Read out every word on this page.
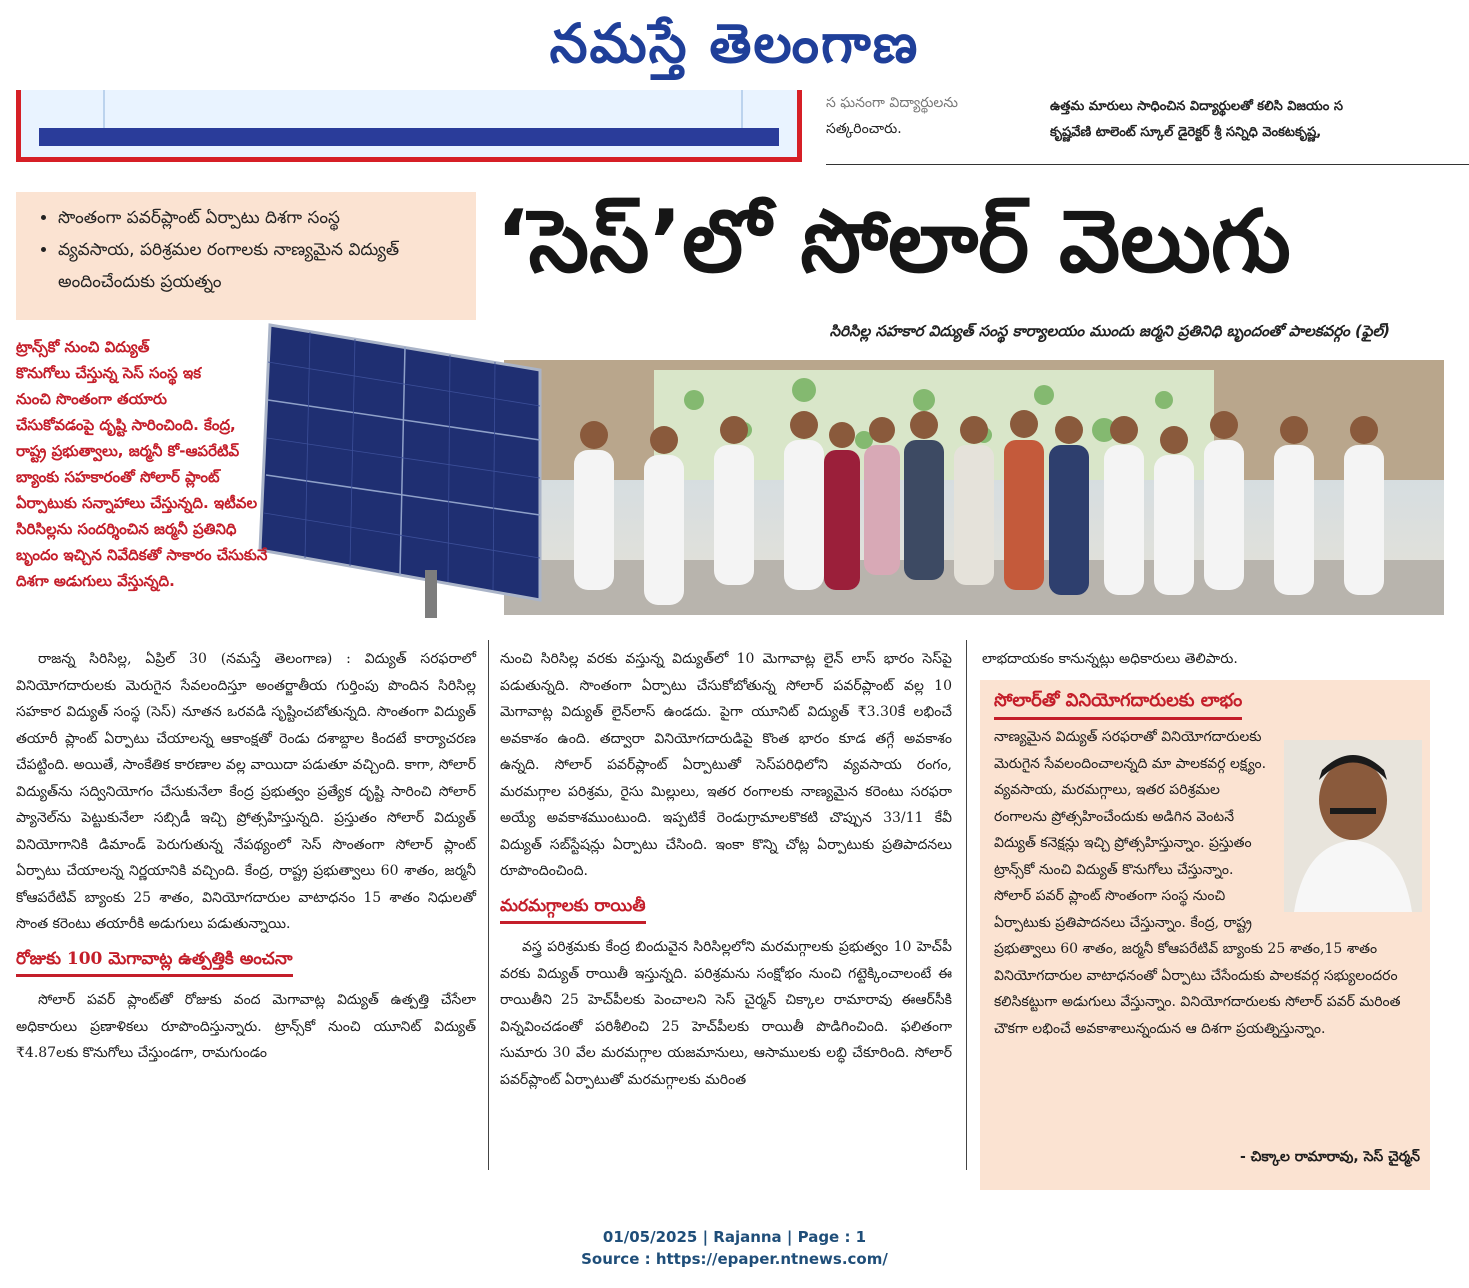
నమస్తే తెలంగాణ
స ఘనంగా విద్యార్థులను
సత్కరించారు.
ఉత్తమ మారులు సాధించిన విద్యార్థులతో కలిసి విజయం స
కృష్ణవేణి టాలెంట్ స్కూల్ డైరెక్టర్ శ్రీ సన్నిధి వెంకటకృష్ణ,
• సొంతంగా పవర్‌ప్లాంట్ ఏర్పాటు దిశగా సంస్థ
• వ్యవసాయ, పరిశ్రమల రంగాలకు నాణ్యమైన విద్యుత్ అందించేందుకు ప్రయత్నం	‘సెస్’లో సోలార్ వెలుగు
సిరిసిల్ల సహకార విద్యుత్ సంస్థ కార్యాలయం ముందు జర్మని ప్రతినిధి బృందంతో పాలకవర్గం (ఫైల్)

ట్రాన్స్‌కో నుంచి విద్యుత్

కొనుగోలు చేస్తున్న సెస్ సంస్థ ఇక

నుంచి సొంతంగా తయారు

చేసుకోవడంపై దృష్టి సారించింది. కేంద్ర,

రాష్ట్ర ప్రభుత్వాలు, జర్మనీ కో-ఆపరేటివ్

బ్యాంకు సహకారంతో సోలార్ ప్లాంట్

ఏర్పాటుకు సన్నాహాలు చేస్తున్నది. ఇటీవల

సిరిసిల్లను సందర్శించిన జర్మనీ ప్రతినిధి

బృందం ఇచ్చిన నివేదికతో సాకారం చేసుకునే

దిశగా అడుగులు వేస్తున్నది.

రాజన్న సిరిసిల్ల, ఏప్రిల్ 30 (నమస్తే తెలంగాణ) : విద్యుత్ సరఫరాలో వినియోగదారులకు మెరుగైన సేవలందిస్తూ అంతర్జాతీయ గుర్తింపు పొందిన సిరిసిల్ల సహకార విద్యుత్ సంస్థ (సెస్) నూతన ఒరవడి సృష్టించబోతున్నది. సొంతంగా విద్యుత్ తయారీ ప్లాంట్ ఏర్పాటు చేయాలన్న ఆకాంక్షతో రెండు దశాబ్దాల కిందటే కార్యాచరణ చేపట్టింది. అయితే, సాంకేతిక కారణాల వల్ల వాయిదా పడుతూ వచ్చింది. కాగా, సోలార్ విద్యుత్‌ను సద్వినియోగం చేసుకునేలా కేంద్ర ప్రభుత్వం ప్రత్యేక దృష్టి సారించి సోలార్ ప్యానెల్‌ను పెట్టుకునేలా సబ్సిడీ ఇచ్చి ప్రోత్సహిస్తున్నది. ప్రస్తుతం సోలార్ విద్యుత్ వినియోగానికి డిమాండ్ పెరుగుతున్న నేపథ్యంలో సెస్ సొంతంగా సోలార్ ప్లాంట్ ఏర్పాటు చేయాలన్న నిర్ణయానికి వచ్చింది. కేంద్ర, రాష్ట్ర ప్రభుత్వాలు 60 శాతం, జర్మనీ కోఆపరేటివ్ బ్యాంకు 25 శాతం, వినియోగదారుల వాటాధనం 15 శాతం నిధులతో సొంత కరెంటు తయారీకి అడుగులు పడుతున్నాయి.

రోజుకు 100 మెగావాట్ల ఉత్పత్తికి అంచనా

సోలార్ పవర్ ప్లాంట్‌తో రోజుకు వంద మెగావాట్ల విద్యుత్ ఉత్పత్తి చేసేలా అధికారులు ప్రణాళికలు రూపొందిస్తున్నారు. ట్రాన్స్‌కో నుంచి యూనిట్ విద్యుత్ ₹4.87లకు కొనుగోలు చేస్తుండగా, రామగుండం

నుంచి సిరిసిల్ల వరకు వస్తున్న విద్యుత్‌లో 10 మెగావాట్ల లైన్ లాస్ భారం సెస్‌పై పడుతున్నది. సొంతంగా ఏర్పాటు చేసుకోబోతున్న సోలార్ పవర్‌ప్లాంట్ వల్ల 10 మెగావాట్ల విద్యుత్ లైన్‌లాస్ ఉండదు. పైగా యూనిట్ విద్యుత్ ₹3.30కే లభించే అవకాశం ఉంది. తద్వారా వినియోగదారుడిపై కొంత భారం కూడ తగ్గే అవకాశం ఉన్నది. సోలార్ పవర్‌ప్లాంట్ ఏర్పాటుతో సెస్‌పరిధిలోని వ్యవసాయ రంగం, మరమగ్గాల పరిశ్రమ, రైసు మిల్లులు, ఇతర రంగాలకు నాణ్యమైన కరెంటు సరఫరా అయ్యే అవకాశముంటుంది. ఇప్పటికే రెండుగ్రామాలకొకటి చొప్పున 33/11 కేవీ విద్యుత్ సబ్‌స్టేషన్లు ఏర్పాటు చేసింది. ఇంకా కొన్ని చోట్ల ఏర్పాటుకు ప్రతిపాదనలు రూపొందించింది.

మరమగ్గాలకు రాయితీ

వస్త్ర పరిశ్రమకు కేంద్ర బిందువైన సిరిసిల్లలోని మరమగ్గాలకు ప్రభుత్వం 10 హెచ్‌పీ వరకు విద్యుత్ రాయితీ ఇస్తున్నది. పరిశ్రమను సంక్షోభం నుంచి గట్టెక్కించాలంటే ఈ రాయితీని 25 హెచ్‌పీలకు పెంచాలని సెస్ చైర్మన్ చిక్కాల రామారావు ఈఆర్‌సీకి విన్నవించడంతో పరిశీలించి 25 హెచ్‌పీలకు రాయితీ పొడిగించింది. ఫలితంగా సుమారు 30 వేల మరమగ్గాల యజమానులు, ఆసాములకు లబ్ధి చేకూరింది. సోలార్ పవర్‌ప్లాంట్ ఏర్పాటుతో మరమగ్గాలకు మరింత

లాభదాయకం కానున్నట్లు అధికారులు తెలిపారు.
సోలార్‌తో వినియోగదారులకు లాభం
నాణ్యమైన విద్యుత్ సరఫరాతో వినియోగదారులకు మెరుగైన సేవలందించాలన్నది మా పాలకవర్గ లక్ష్యం. వ్యవసాయ, మరమగ్గాలు, ఇతర పరిశ్రమల రంగాలను ప్రోత్సహించేందుకు అడిగిన వెంటనే విద్యుత్ కనెక్షన్లు ఇచ్చి ప్రోత్సహిస్తున్నాం. ప్రస్తుతం ట్రాన్స్‌కో నుంచి విద్యుత్ కొనుగోలు చేస్తున్నాం. సోలార్ పవర్ ప్లాంట్ సొంతంగా సంస్థ నుంచి ఏర్పాటుకు ప్రతిపాదనలు చేస్తున్నాం. కేంద్ర, రాష్ట్ర ప్రభుత్వాలు 60 శాతం, జర్మనీ కోఆపరేటివ్ బ్యాంకు 25 శాతం,15 శాతం వినియోగదారుల వాటాధనంతో ఏర్పాటు చేసేందుకు పాలకవర్గ సభ్యులందరం కలిసికట్టుగా అడుగులు వేస్తున్నాం. వినియోగదారులకు సోలార్ పవర్ మరింత చౌకగా లభించే అవకాశాలున్నందున ఆ దిశగా ప్రయత్నిస్తున్నాం.
- చిక్కాల రామారావు, సెస్ చైర్మన్
01/05/2025 | Rajanna | Page : 1
Source : https://epaper.ntnews.com/
